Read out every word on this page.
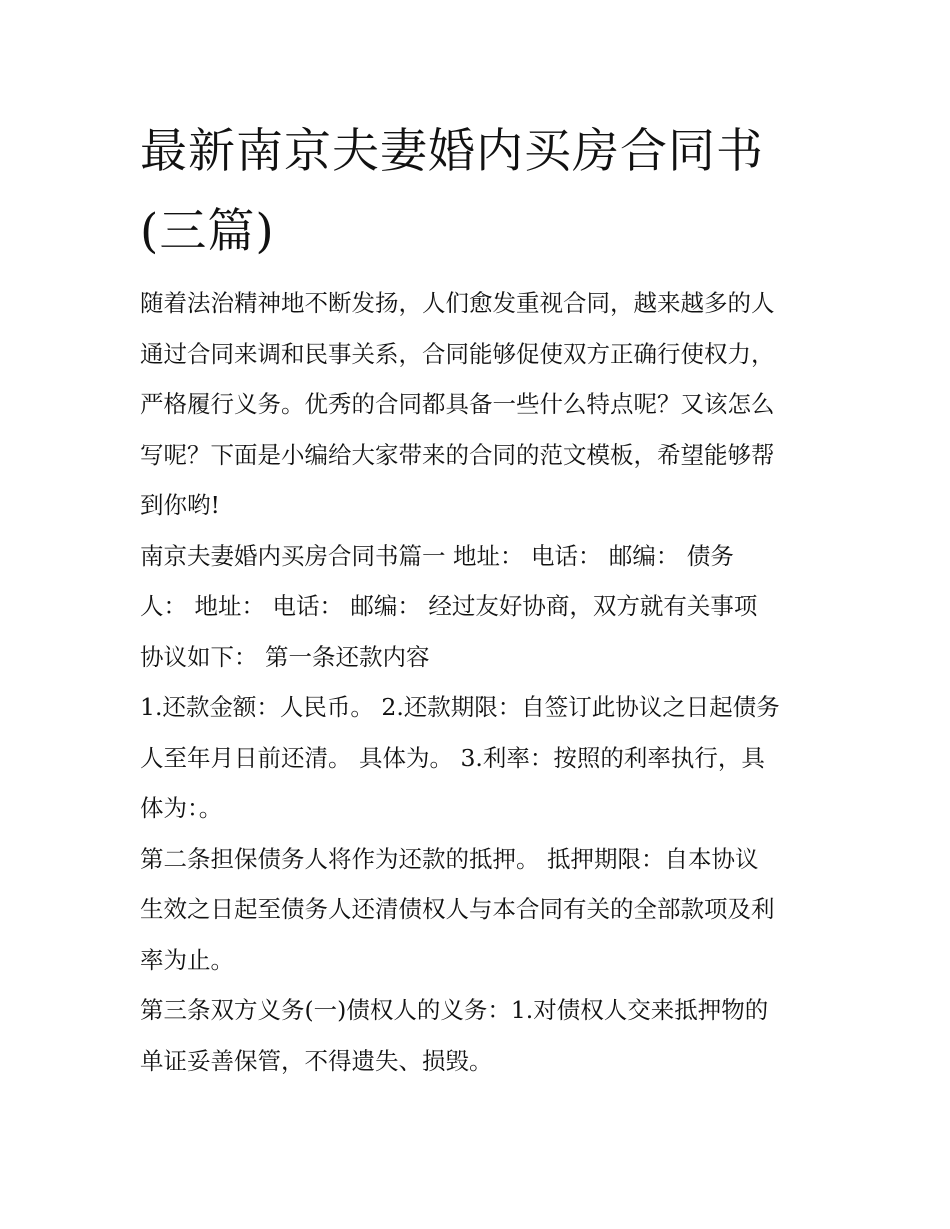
最新南京夫妻婚内买房合同书
(三篇)

随着法治精神地不断发扬，人们愈发重视合同，越来越多的人
通过合同来调和民事关系，合同能够促使双方正确行使权力，
严格履行义务。优秀的合同都具备一些什么特点呢？又该怎么
写呢？下面是小编给大家带来的合同的范文模板，希望能够帮
到你哟!

南京夫妻婚内买房合同书篇一 地址： 电话： 邮编： 债务
人： 地址： 电话： 邮编： 经过友好协商，双方就有关事项
协议如下： 第一条还款内容

1.还款金额：人民币。 2.还款期限：自签订此协议之日起债务
人至年月日前还清。 具体为。 3.利率：按照的利率执行，具
体为：。

第二条担保债务人将作为还款的抵押。 抵押期限：自本协议
生效之日起至债务人还清债权人与本合同有关的全部款项及利
率为止。

第三条双方义务(一)债权人的义务：1.对债权人交来抵押物的
单证妥善保管，不得遗失、损毁。
